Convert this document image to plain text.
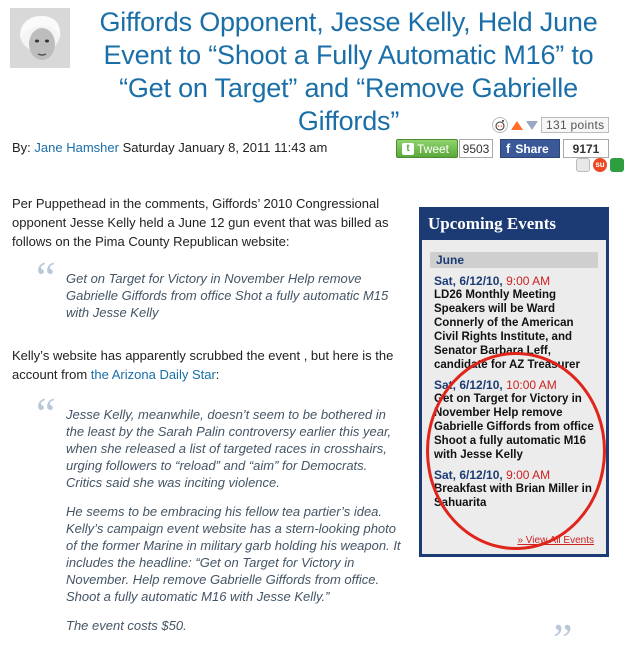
Giffords Opponent, Jesse Kelly, Held June Event to “Shoot a Fully Automatic M16” to “Get on Target” and “Remove Gabrielle Giffords”	131 points
By: Jane Hamsher Saturday January 8, 2011 11:43 am	t Tweet	9503 f Share	9171
su

Per Puppethead in the comments, Giffords’ 2010 Congressional opponent Jesse Kelly held a June 12 gun event that was billed as follows on the Pima County Republican website:

“ Get on Target for Victory in November Help remove Gabrielle Giffords from office Shot a fully automatic M15 with Jesse Kelly

Kelly’s website has apparently scrubbed the event , but here is the account from the Arizona Daily Star:

“ Jesse Kelly, meanwhile, doesn’t seem to be bothered in the least by the Sarah Palin controversy earlier this year, when she released a list of targeted races in crosshairs, urging followers to “reload” and “aim” for Democrats. Critics said she was inciting violence.

He seems to be embracing his fellow tea partier’s idea. Kelly’s campaign event website has a stern-looking photo of the former Marine in military garb holding his weapon. It includes the headline: “Get on Target for Victory in November. Help remove Gabrielle Giffords from office. Shoot a fully automatic M16 with Jesse Kelly.”

The event costs $50.	”
Upcoming Events
June
Sat, 6/12/10, 9:00 AM
LD26 Monthly Meeting Speakers will be Ward Connerly of the American Civil Rights Institute, and Senator Barbara Leff, candidate for AZ Treasurer
Sat, 6/12/10, 10:00 AM
Get on Target for Victory in November Help remove Gabrielle Giffords from office Shoot a fully automatic M16 with Jesse Kelly
Sat, 6/12/10, 9:00 AM
Breakfast with Brian Miller in Sahuarita
» View All Events
